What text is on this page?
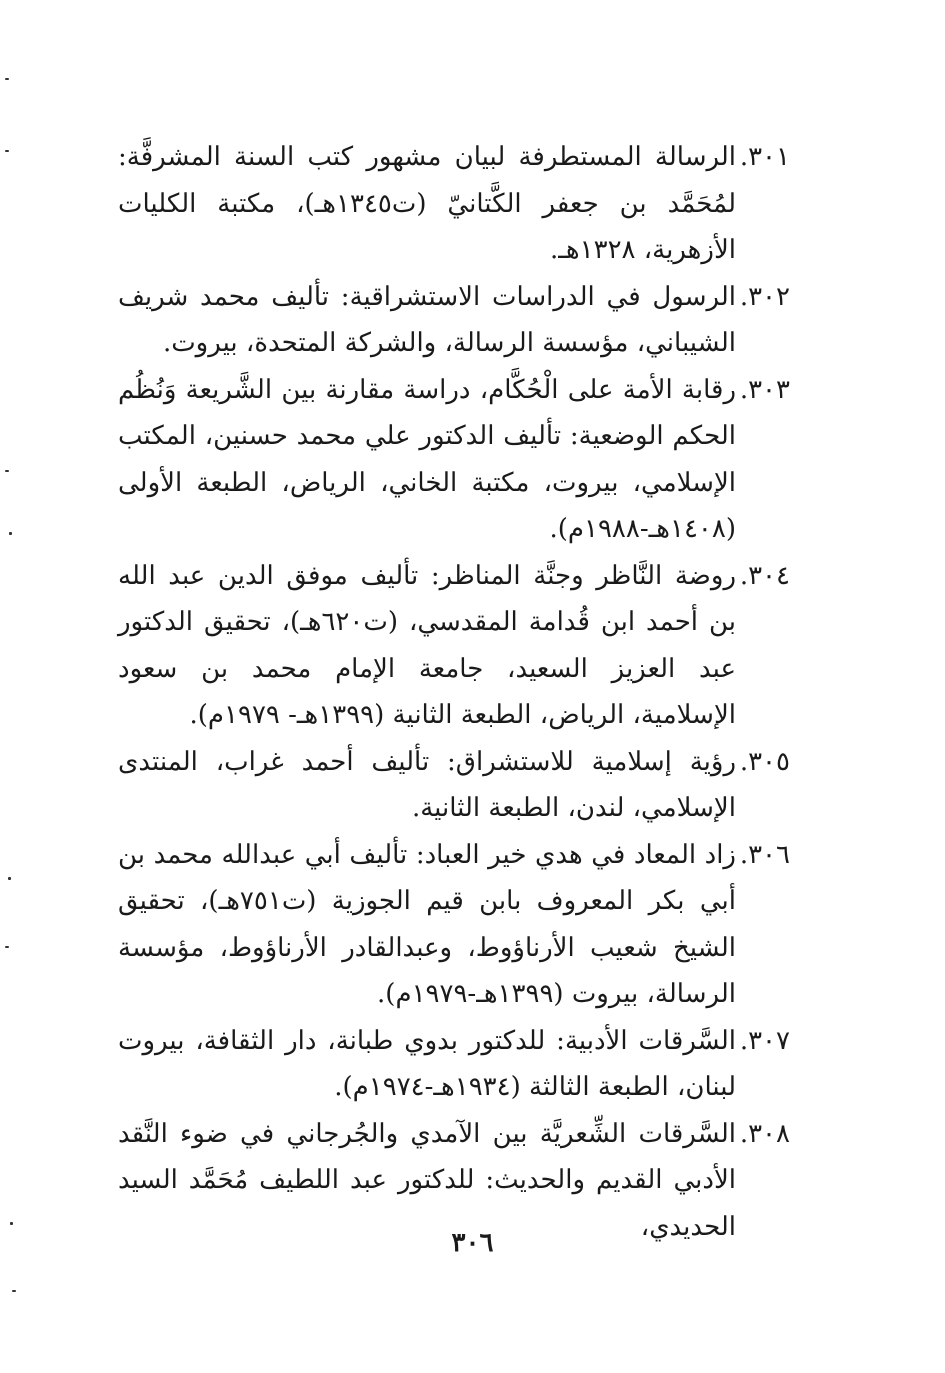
٣٠١.
الرسالة المستطرفة لبيان مشهور كتب السنة المشرفَّة: لمُحَمَّد بن جعفر الكَّتانيّ (ت١٣٤٥هـ)، مكتبة الكليات الأزهرية، ١٣٢٨هـ.
٣٠٢.
الرسول في الدراسات الاستشراقية: تأليف محمد شريف الشيباني، مؤسسة الرسالة، والشركة المتحدة، بيروت.
٣٠٣.
رقابة الأمة على الْحُكَّام، دراسة مقارنة بين الشَّريعة وَنُظُم الحكم الوضعية: تأليف الدكتور علي محمد حسنين، المكتب الإسلامي، بيروت، مكتبة الخاني، الرياض، الطبعة الأولى (١٤٠٨هـ-١٩٨٨م).
٣٠٤.
روضة النَّاظر وجنَّة المناظر: تأليف موفق الدين عبد الله بن أحمد ابن قُدامة المقدسي، (ت٦٢٠هـ)، تحقيق الدكتور عبد العزيز السعيد، جامعة الإمام محمد بن سعود الإسلامية، الرياض، الطبعة الثانية (١٣٩٩هـ- ١٩٧٩م).
٣٠٥.
رؤية إسلامية للاستشراق: تأليف أحمد غراب، المنتدى الإسلامي، لندن، الطبعة الثانية.
٣٠٦.
زاد المعاد في هدي خير العباد: تأليف أبي عبدالله محمد بن أبي بكر المعروف بابن قيم الجوزية (ت٧٥١هـ)، تحقيق الشيخ شعيب الأرناؤوط، وعبدالقادر الأرناؤوط، مؤسسة الرسالة، بيروت (١٣٩٩هـ-١٩٧٩م).
٣٠٧.
السَّرقات الأدبية: للدكتور بدوي طبانة، دار الثقافة، بيروت لبنان، الطبعة الثالثة (١٩٣٤هـ-١٩٧٤م).
٣٠٨.
السَّرقات الشِّعريَّة بين الآمدي والجُرجاني في ضوء النَّقد الأدبي القديم والحديث: للدكتور عبد اللطيف مُحَمَّد السيد الحديدي،
٣٠٦
